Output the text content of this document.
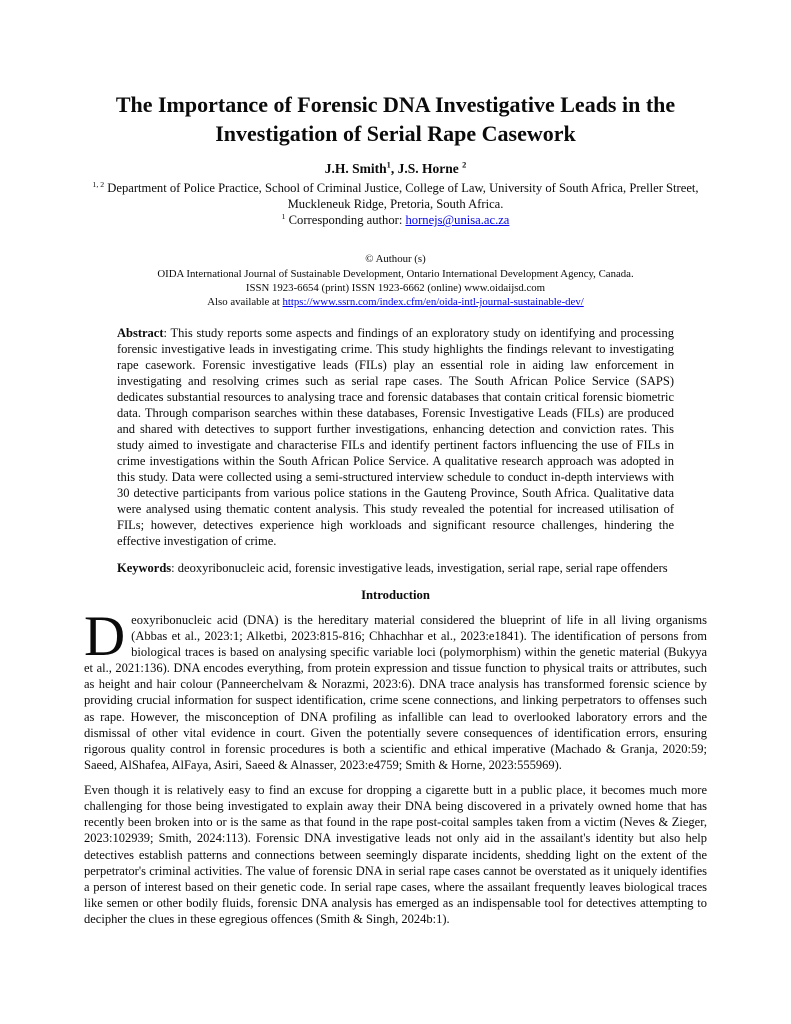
The Importance of Forensic DNA Investigative Leads in the Investigation of Serial Rape Casework
J.H. Smith$^1$, J.S. Horne $^2$
$^{1, 2}$ Department of Police Practice, School of Criminal Justice, College of Law, University of South Africa, Preller Street, Muckleneuk Ridge, Pretoria, South Africa.
$^1$ Corresponding author: hornejs@unisa.ac.za
© Authour (s)
OIDA International Journal of Sustainable Development, Ontario International Development Agency, Canada.
ISSN 1923-6654 (print) ISSN 1923-6662 (online) www.oidaijsd.com
Also available at https://www.ssrn.com/index.cfm/en/oida-intl-journal-sustainable-dev/

Abstract: This study reports some aspects and findings of an exploratory study on identifying and processing forensic investigative leads in investigating crime. This study highlights the findings relevant to investigating rape casework. Forensic investigative leads (FILs) play an essential role in aiding law enforcement in investigating and resolving crimes such as serial rape cases. The South African Police Service (SAPS) dedicates substantial resources to analysing trace and forensic databases that contain critical forensic biometric data. Through comparison searches within these databases, Forensic Investigative Leads (FILs) are produced and shared with detectives to support further investigations, enhancing detection and conviction rates. This study aimed to investigate and characterise FILs and identify pertinent factors influencing the use of FILs in crime investigations within the South African Police Service. A qualitative research approach was adopted in this study. Data were collected using a semi-structured interview schedule to conduct in-depth interviews with 30 detective participants from various police stations in the Gauteng Province, South Africa. Qualitative data were analysed using thematic content analysis. This study revealed the potential for increased utilisation of FILs; however, detectives experience high workloads and significant resource challenges, hindering the effective investigation of crime.

Keywords: deoxyribonucleic acid, forensic investigative leads, investigation, serial rape, serial rape offenders

Introduction

Deoxyribonucleic acid (DNA) is the hereditary material considered the blueprint of life in all living organisms (Abbas et al., 2023:1; Alketbi, 2023:815-816; Chhachhar et al., 2023:e1841). The identification of persons from biological traces is based on analysing specific variable loci (polymorphism) within the genetic material (Bukyya et al., 2021:136). DNA encodes everything, from protein expression and tissue function to physical traits or attributes, such as height and hair colour (Panneerchelvam & Norazmi, 2023:6). DNA trace analysis has transformed forensic science by providing crucial information for suspect identification, crime scene connections, and linking perpetrators to offenses such as rape. However, the misconception of DNA profiling as infallible can lead to overlooked laboratory errors and the dismissal of other vital evidence in court. Given the potentially severe consequences of identification errors, ensuring rigorous quality control in forensic procedures is both a scientific and ethical imperative (Machado & Granja, 2020:59; Saeed, AlShafea, AlFaya, Asiri, Saeed & Alnasser, 2023:e4759; Smith & Horne, 2023:555969).

Even though it is relatively easy to find an excuse for dropping a cigarette butt in a public place, it becomes much more challenging for those being investigated to explain away their DNA being discovered in a privately owned home that has recently been broken into or is the same as that found in the rape post-coital samples taken from a victim (Neves & Zieger, 2023:102939; Smith, 2024:113). Forensic DNA investigative leads not only aid in the assailant's identity but also help detectives establish patterns and connections between seemingly disparate incidents, shedding light on the extent of the perpetrator's criminal activities. The value of forensic DNA in serial rape cases cannot be overstated as it uniquely identifies a person of interest based on their genetic code. In serial rape cases, where the assailant frequently leaves biological traces like semen or other bodily fluids, forensic DNA analysis has emerged as an indispensable tool for detectives attempting to decipher the clues in these egregious offences (Smith & Singh, 2024b:1).
